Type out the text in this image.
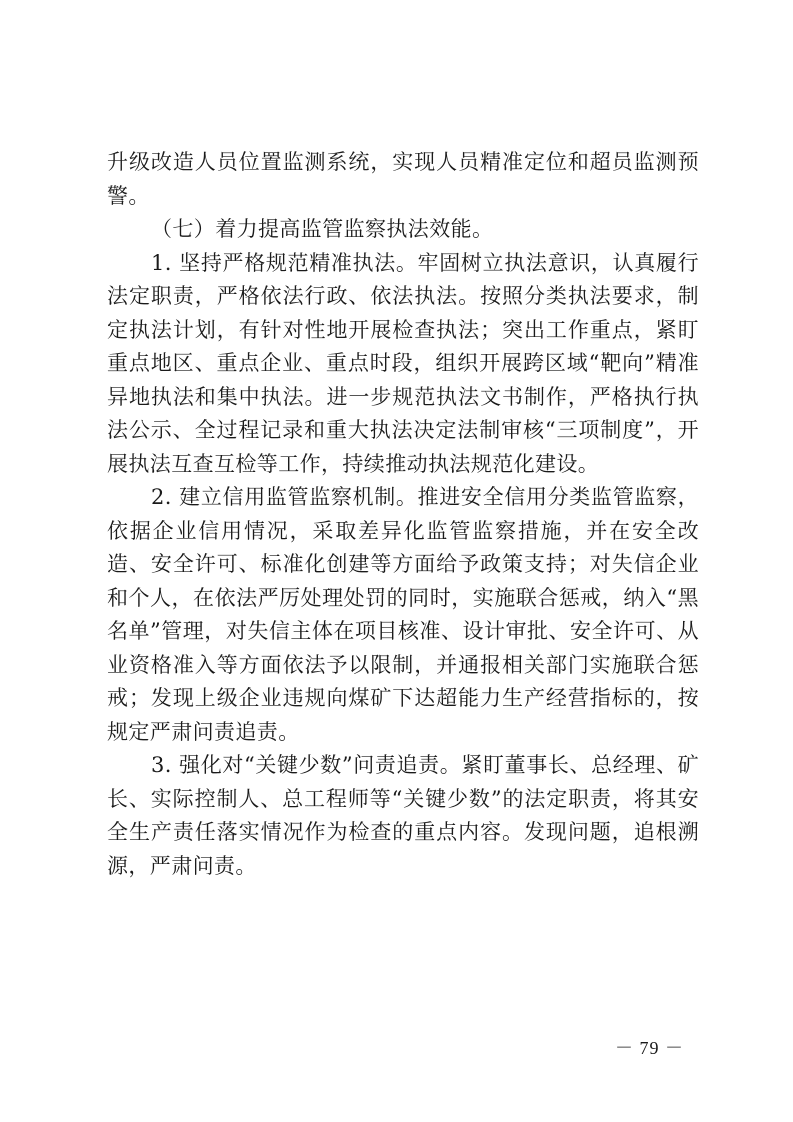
升级改造人员位置监测系统，实现人员精准定位和超员监测预警。

（七）着力提高监管监察执法效能。

1. 坚持严格规范精准执法。牢固树立执法意识，认真履行法定职责，严格依法行政、依法执法。按照分类执法要求，制定执法计划，有针对性地开展检查执法；突出工作重点，紧盯重点地区、重点企业、重点时段，组织开展跨区域“靶向”精准异地执法和集中执法。进一步规范执法文书制作，严格执行执法公示、全过程记录和重大执法决定法制审核“三项制度”，开展执法互查互检等工作，持续推动执法规范化建设。

2. 建立信用监管监察机制。推进安全信用分类监管监察，依据企业信用情况，采取差异化监管监察措施，并在安全改造、安全许可、标准化创建等方面给予政策支持；对失信企业和个人，在依法严厉处理处罚的同时，实施联合惩戒，纳入“黑名单”管理，对失信主体在项目核准、设计审批、安全许可、从业资格准入等方面依法予以限制，并通报相关部门实施联合惩戒；发现上级企业违规向煤矿下达超能力生产经营指标的，按规定严肃问责追责。

3. 强化对“关键少数”问责追责。紧盯董事长、总经理、矿长、实际控制人、总工程师等“关键少数”的法定职责，将其安全生产责任落实情况作为检查的重点内容。发现问题，追根溯源，严肃问责。

－ 79 －
